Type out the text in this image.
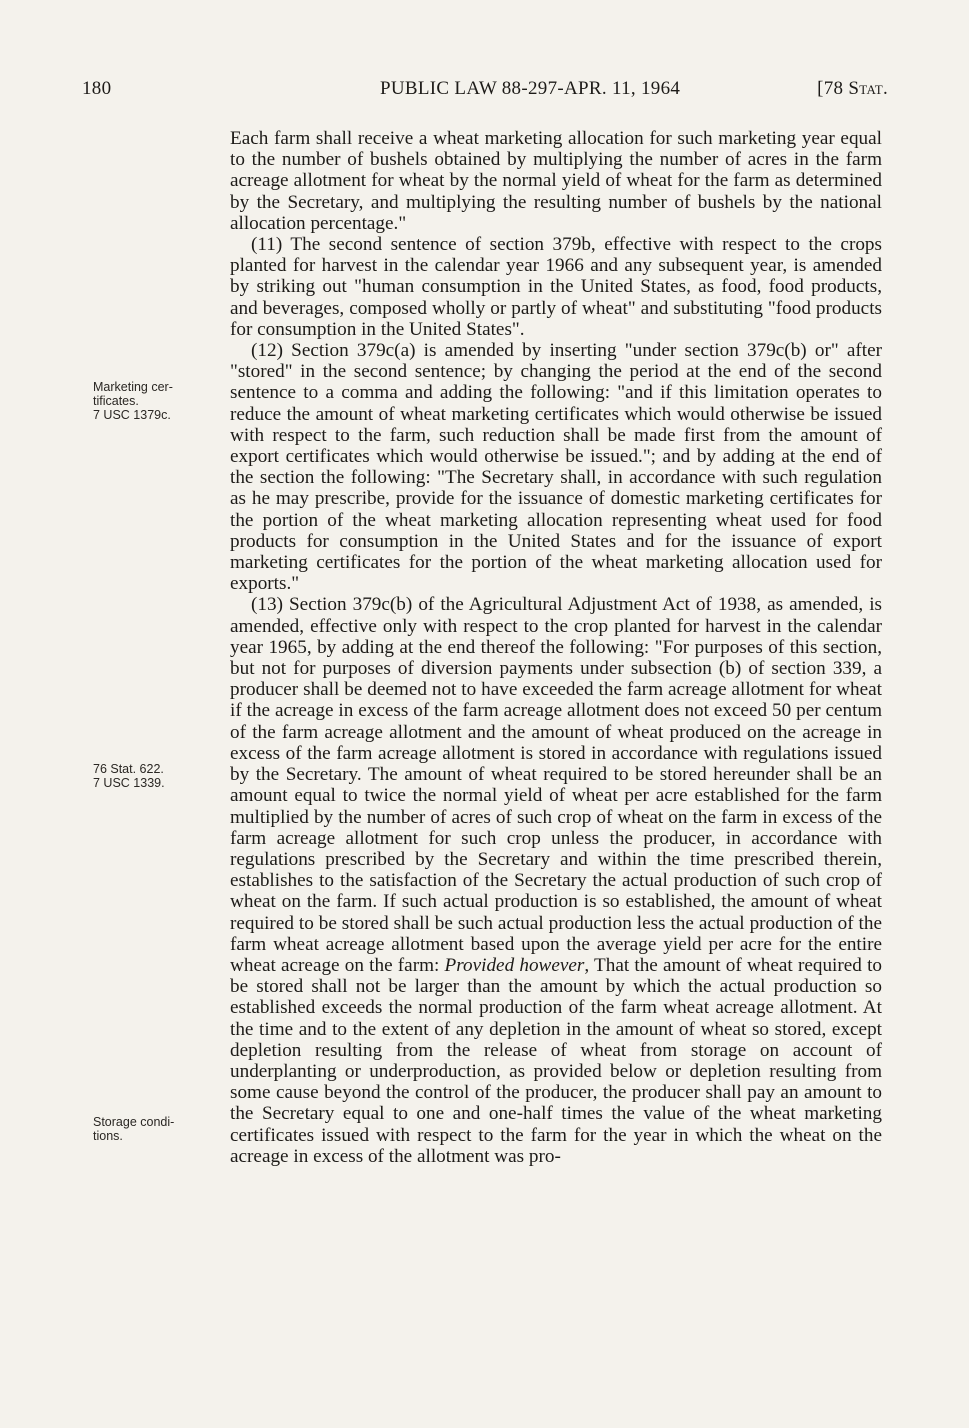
180	PUBLIC LAW 88-297-APR. 11, 1964	[78 Stat.
Marketing cer-
tificates.
7 USC 1379c.
76 Stat. 622.
7 USC 1339.
Storage condi-
tions.

Each farm shall receive a wheat marketing allocation for such marketing year equal to the number of bushels obtained by multiplying the number of acres in the farm acreage allotment for wheat by the normal yield of wheat for the farm as determined by the Secretary, and multiplying the resulting number of bushels by the national allocation percentage."

(11) The second sentence of section 379b, effective with respect to the crops planted for harvest in the calendar year 1966 and any subsequent year, is amended by striking out "human consumption in the United States, as food, food products, and beverages, composed wholly or partly of wheat" and substituting "food products for consumption in the United States".

(12) Section 379c(a) is amended by inserting "under section 379c(b) or" after "stored" in the second sentence; by changing the period at the end of the second sentence to a comma and adding the following: "and if this limitation operates to reduce the amount of wheat marketing certificates which would otherwise be issued with respect to the farm, such reduction shall be made first from the amount of export certificates which would otherwise be issued."; and by adding at the end of the section the following: "The Secretary shall, in accordance with such regulation as he may prescribe, provide for the issuance of domestic marketing certificates for the portion of the wheat marketing allocation representing wheat used for food products for consumption in the United States and for the issuance of export marketing certificates for the portion of the wheat marketing allocation used for exports."

(13) Section 379c(b) of the Agricultural Adjustment Act of 1938, as amended, is amended, effective only with respect to the crop planted for harvest in the calendar year 1965, by adding at the end thereof the following: "For purposes of this section, but not for purposes of diversion payments under subsection (b) of section 339, a producer shall be deemed not to have exceeded the farm acreage allotment for wheat if the acreage in excess of the farm acreage allotment does not exceed 50 per centum of the farm acreage allotment and the amount of wheat produced on the acreage in excess of the farm acreage allotment is stored in accordance with regulations issued by the Secretary. The amount of wheat required to be stored hereunder shall be an amount equal to twice the normal yield of wheat per acre established for the farm multiplied by the number of acres of such crop of wheat on the farm in excess of the farm acreage allotment for such crop unless the producer, in accordance with regulations prescribed by the Secretary and within the time prescribed therein, establishes to the satisfaction of the Secretary the actual production of such crop of wheat on the farm. If such actual production is so established, the amount of wheat required to be stored shall be such actual production less the actual production of the farm wheat acreage allotment based upon the average yield per acre for the entire wheat acreage on the farm: Provided however, That the amount of wheat required to be stored shall not be larger than the amount by which the actual production so established exceeds the normal production of the farm wheat acreage allotment. At the time and to the extent of any depletion in the amount of wheat so stored, except depletion resulting from the release of wheat from storage on account of underplanting or underproduction, as provided below or depletion resulting from some cause beyond the control of the producer, the producer shall pay an amount to the Secretary equal to one and one-half times the value of the wheat marketing certificates issued with respect to the farm for the year in which the wheat on the acreage in excess of the allotment was pro-
